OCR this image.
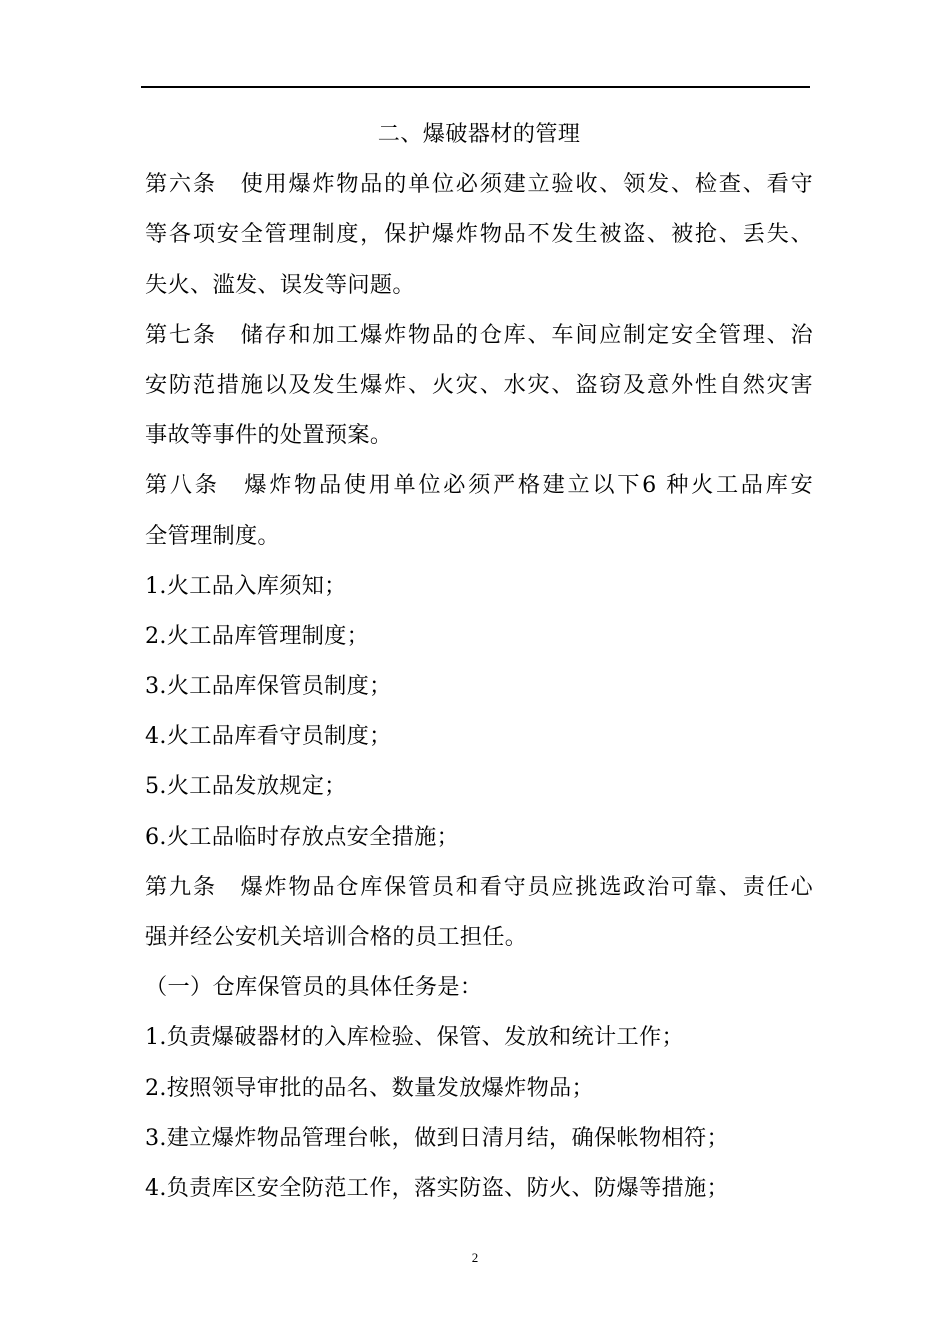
二、爆破器材的管理
第六条　使用爆炸物品的单位必须建立验收、领发、检查、看守
等各项安全管理制度，保护爆炸物品不发生被盗、被抢、丢失、
失火、滥发、误发等问题。
第七条　储存和加工爆炸物品的仓库、车间应制定安全管理、治
安防范措施以及发生爆炸、火灾、水灾、盗窃及意外性自然灾害
事故等事件的处置预案。
第八条　爆炸物品使用单位必须严格建立以下6 种火工品库安
全管理制度。
1.火工品入库须知；
2.火工品库管理制度；
3.火工品库保管员制度；
4.火工品库看守员制度；
5.火工品发放规定；
6.火工品临时存放点安全措施；
第九条　爆炸物品仓库保管员和看守员应挑选政治可靠、责任心
强并经公安机关培训合格的员工担任。
（一）仓库保管员的具体任务是：
1.负责爆破器材的入库检验、保管、发放和统计工作；
2.按照领导审批的品名、数量发放爆炸物品；
3.建立爆炸物品管理台帐，做到日清月结，确保帐物相符；
4.负责库区安全防范工作，落实防盗、防火、防爆等措施；
2
